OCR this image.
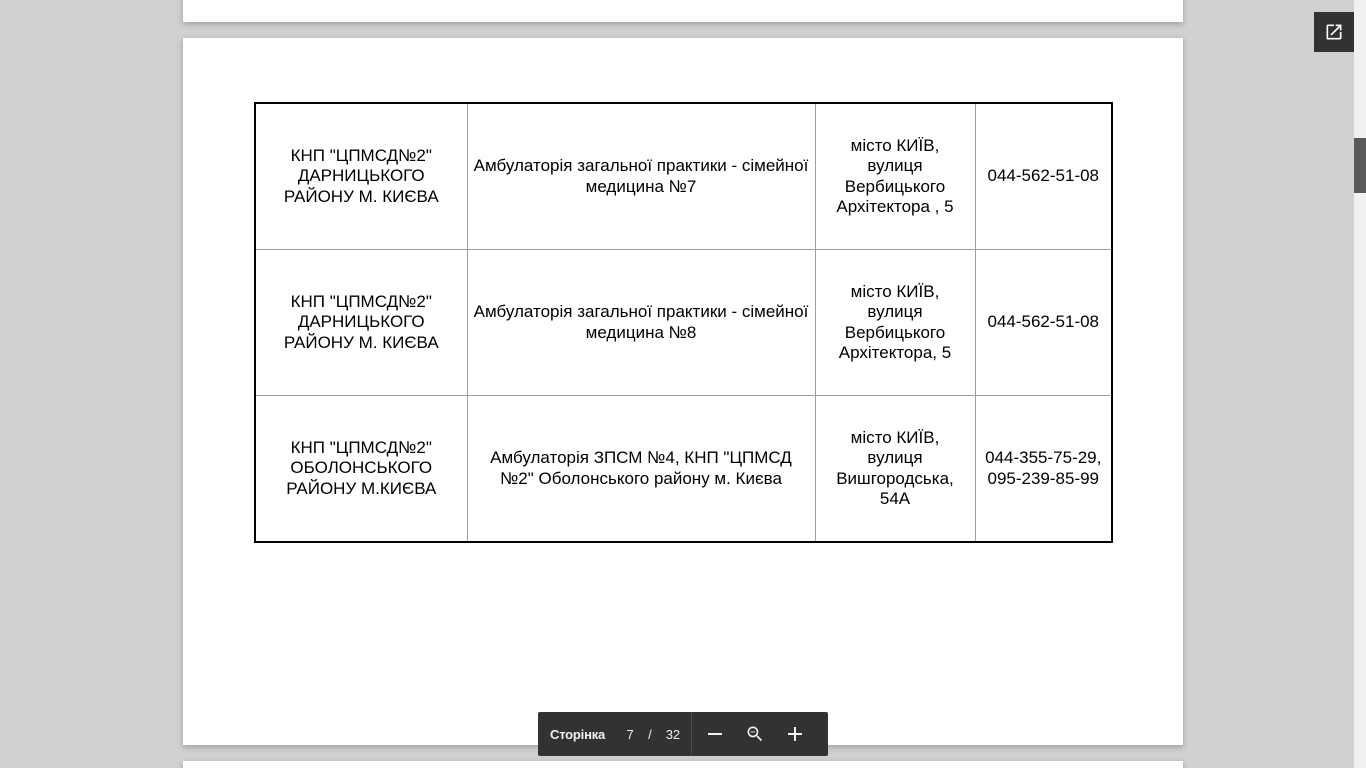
КНП "ЦПМСД№2" ДАРНИЦЬКОГО РАЙОНУ М. КИЄВА	Амбулаторія загальної практики - сімейної медицина №7	місто КИЇВ, вулиця Вербицького Архітектора , 5	044-562-51-08
КНП "ЦПМСД№2" ДАРНИЦЬКОГО РАЙОНУ М. КИЄВА	Амбулаторія загальної практики - сімейної медицина №8	місто КИЇВ, вулиця Вербицького Архітектора, 5	044-562-51-08
КНП "ЦПМСД№2" ОБОЛОНСЬКОГО РАЙОНУ М.КИЄВА	Амбулаторія ЗПСМ №4, КНП "ЦПМСД №2" Оболонського району м. Києва	місто КИЇВ, вулиця Вишгородська, 54А	044-355-75-29, 095-239-85-99
Сторінка 7 / 32
